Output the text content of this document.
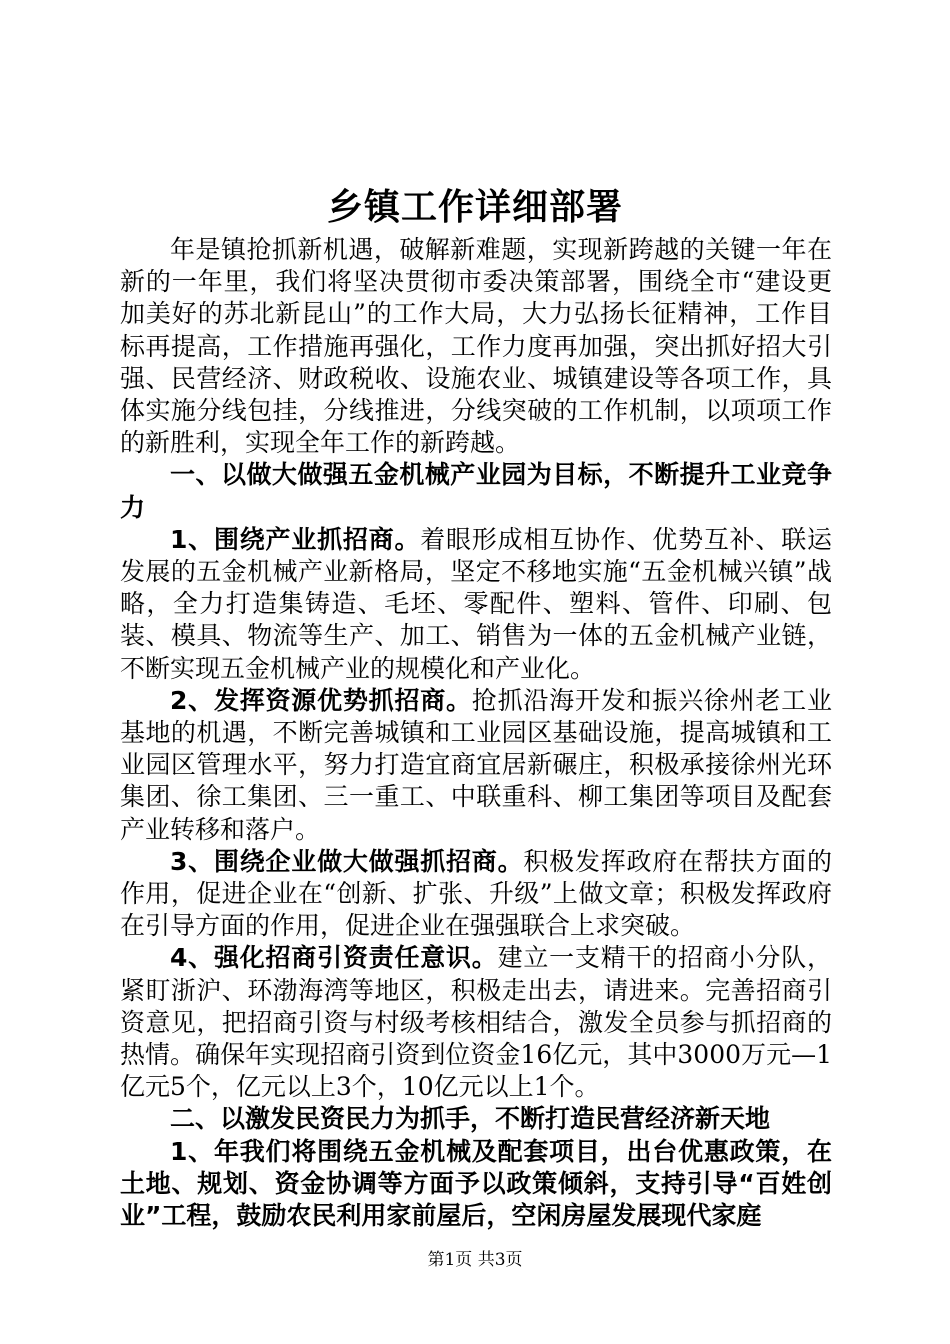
乡镇工作详细部署

年是镇抢抓新机遇，破解新难题，实现新跨越的关键一年在新的一年里，我们将坚决贯彻市委决策部署，围绕全市“建设更加美好的苏北新昆山”的工作大局，大力弘扬长征精神，工作目标再提高，工作措施再强化，工作力度再加强，突出抓好招大引强、民营经济、财政税收、设施农业、城镇建设等各项工作，具体实施分线包挂，分线推进，分线突破的工作机制，以项项工作的新胜利，实现全年工作的新跨越。

一、以做大做强五金机械产业园为目标，不断提升工业竞争力

1、围绕产业抓招商。着眼形成相互协作、优势互补、联运发展的五金机械产业新格局，坚定不移地实施“五金机械兴镇”战略，全力打造集铸造、毛坯、零配件、塑料、管件、印刷、包装、模具、物流等生产、加工、销售为一体的五金机械产业链，不断实现五金机械产业的规模化和产业化。

2、发挥资源优势抓招商。抢抓沿海开发和振兴徐州老工业基地的机遇，不断完善城镇和工业园区基础设施，提高城镇和工业园区管理水平，努力打造宜商宜居新碾庄，积极承接徐州光环集团、徐工集团、三一重工、中联重科、柳工集团等项目及配套产业转移和落户。

3、围绕企业做大做强抓招商。积极发挥政府在帮扶方面的作用，促进企业在“创新、扩张、升级”上做文章；积极发挥政府在引导方面的作用，促进企业在强强联合上求突破。

4、强化招商引资责任意识。建立一支精干的招商小分队，紧盯浙沪、环渤海湾等地区，积极走出去，请进来。完善招商引资意见，把招商引资与村级考核相结合，激发全员参与抓招商的热情。确保年实现招商引资到位资金16亿元，其中3000万元—1亿元5个，亿元以上3个，10亿元以上1个。

二、以激发民资民力为抓手，不断打造民营经济新天地

1、年我们将围绕五金机械及配套项目，出台优惠政策，在土地、规划、资金协调等方面予以政策倾斜，支持引导“百姓创业”工程，鼓励农民利用家前屋后，空闲房屋发展现代家庭

第1页 共3页
